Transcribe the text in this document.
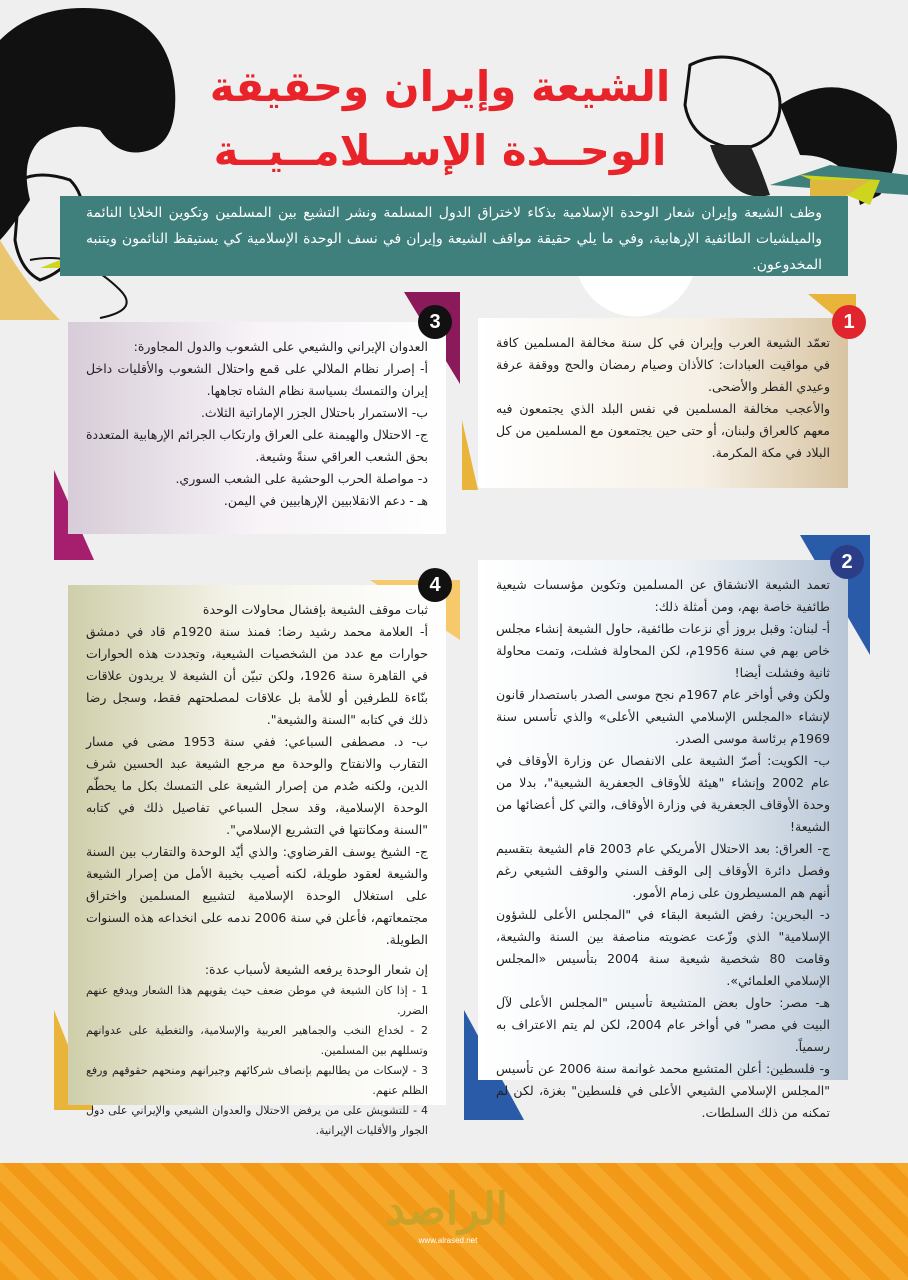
الشيعة وإيران وحقيقة
الوحــدة الإســلامــيــة
وظف الشيعة وإيران شعار الوحدة الإسلامية بذكاء لاختراق الدول المسلمة ونشر التشيع بين المسلمين وتكوين الخلايا النائمة والميلشيات الطائفية الإرهابية، وفي ما يلي حقيقة مواقف الشيعة وإيران في نسف الوحدة الإسلامية كي يستيقظ النائمون ويتنبه المخدوعون.

تعمّد الشيعة العرب وإيران في كل سنة مخالفة المسلمين كافة في مواقيت العبادات: كالأذان وصيام رمضان والحج ووقفة عرفة وعيدي الفطر والأضحى.

والأعجب مخالفة المسلمين في نفس البلد الذي يجتمعون فيه معهم كالعراق ولبنان، أو حتى حين يجتمعون مع المسلمين من كل البلاد في مكة المكرمة.

1

العدوان الإيراني والشيعي على الشعوب والدول المجاورة:

أ- إصرار نظام الملالي على قمع واحتلال الشعوب والأقليات داخل إيران والتمسك بسياسة نظام الشاه تجاهها.

ب- الاستمرار باحتلال الجزر الإماراتية الثلاث.

ج- الاحتلال والهيمنة على العراق وارتكاب الجرائم الإرهابية المتعددة بحق الشعب العراقي سنةً وشيعة.

د- مواصلة الحرب الوحشية على الشعب السوري.

هـ - دعم الانقلابيين الإرهابيين في اليمن.

3

تعمد الشيعة الانشقاق عن المسلمين وتكوين مؤسسات شيعية طائفية خاصة بهم، ومن أمثلة ذلك:

أ- لبنان: وقبل بروز أي نزعات طائفية، حاول الشيعة إنشاء مجلس خاص بهم في سنة 1956م، لكن المحاولة فشلت، وتمت محاولة ثانية وفشلت أيضا!

ولكن وفي أواخر عام 1967م نجح موسى الصدر باستصدار قانون لإنشاء «المجلس الإسلامي الشيعي الأعلى» والذي تأسس سنة 1969م برئاسة موسى الصدر.

ب- الكويت: أصرّ الشيعة على الانفصال عن وزارة الأوقاف في عام 2002 وإنشاء "هيئة للأوقاف الجعفرية الشيعية"، بدلا من وحدة الأوقاف الجعفرية في وزارة الأوقاف، والتي كل أعضائها من الشيعة!

ج- العراق: بعد الاحتلال الأمريكي عام 2003 قام الشيعة بتقسيم وفصل دائرة الأوقاف إلى الوقف السني والوقف الشيعي رغم أنهم هم المسيطرون على زمام الأمور.

د- البحرين: رفض الشيعة البقاء في "المجلس الأعلى للشؤون الإسلامية" الذي وزّعت عضويته مناصفة بين السنة والشيعة، وقامت 80 شخصية شيعية سنة 2004 بتأسيس «المجلس الإسلامي العلمائي».

هـ- مصر: حاول بعض المتشيعة تأسيس "المجلس الأعلى لآل البيت في مصر" في أواخر عام 2004، لكن لم يتم الاعتراف به رسمياً.

و- فلسطين: أعلن المتشيع محمد غوانمة سنة 2006 عن تأسيس "المجلس الإسلامي الشيعي الأعلى في فلسطين" بغزة، لكن لم تمكنه من ذلك السلطات.

2

ثبات موقف الشيعة بإفشال محاولات الوحدة

أ- العلامة محمد رشيد رضا: فمنذ سنة 1920م قاد في دمشق حوارات مع عدد من الشخصيات الشيعية، وتجددت هذه الحوارات في القاهرة سنة 1926، ولكن تبيّن أن الشيعة لا يريدون علاقات بنّاءة للطرفين أو للأمة بل علاقات لمصلحتهم فقط، وسجل رضا ذلك في كتابه "السنة والشيعة".

ب- د. مصطفى السباعي: ففي سنة 1953 مضى في مسار التقارب والانفتاح والوحدة مع مرجع الشيعة عبد الحسين شرف الدين، ولكنه صُدم من إصرار الشيعة على التمسك بكل ما يحطّم الوحدة الإسلامية، وقد سجل السباعي تفاصيل ذلك في كتابه "السنة ومكانتها في التشريع الإسلامي".

ج- الشيخ يوسف القرضاوي: والذي أيّد الوحدة والتقارب بين السنة والشيعة لعقود طويلة، لكنه أصيب بخيبة الأمل من إصرار الشيعة على استغلال الوحدة الإسلامية لتشييع المسلمين واختراق مجتمعاتهم، فأعلن في سنة 2006 ندمه على انخداعه هذه السنوات الطويلة.

إن شعار الوحدة يرفعه الشيعة لأسباب عدة:

1 - إذا كان الشيعة في موطن ضعف حيث يقويهم هذا الشعار ويدفع عنهم الضرر.

2 - لخداع النخب والجماهير العربية والإسلامية، والتغطية على عدوانهم وتسللهم بين المسلمين.

3 - لإسكات من يطالبهم بإنصاف شركائهم وجيرانهم ومنحهم حقوقهم ورفع الظلم عنهم.

4 - للتشويش على من يرفض الاحتلال والعدوان الشيعي والإيراني على دول الجوار والأقليات الإيرانية.

4
الراصد
www.alrased.net
